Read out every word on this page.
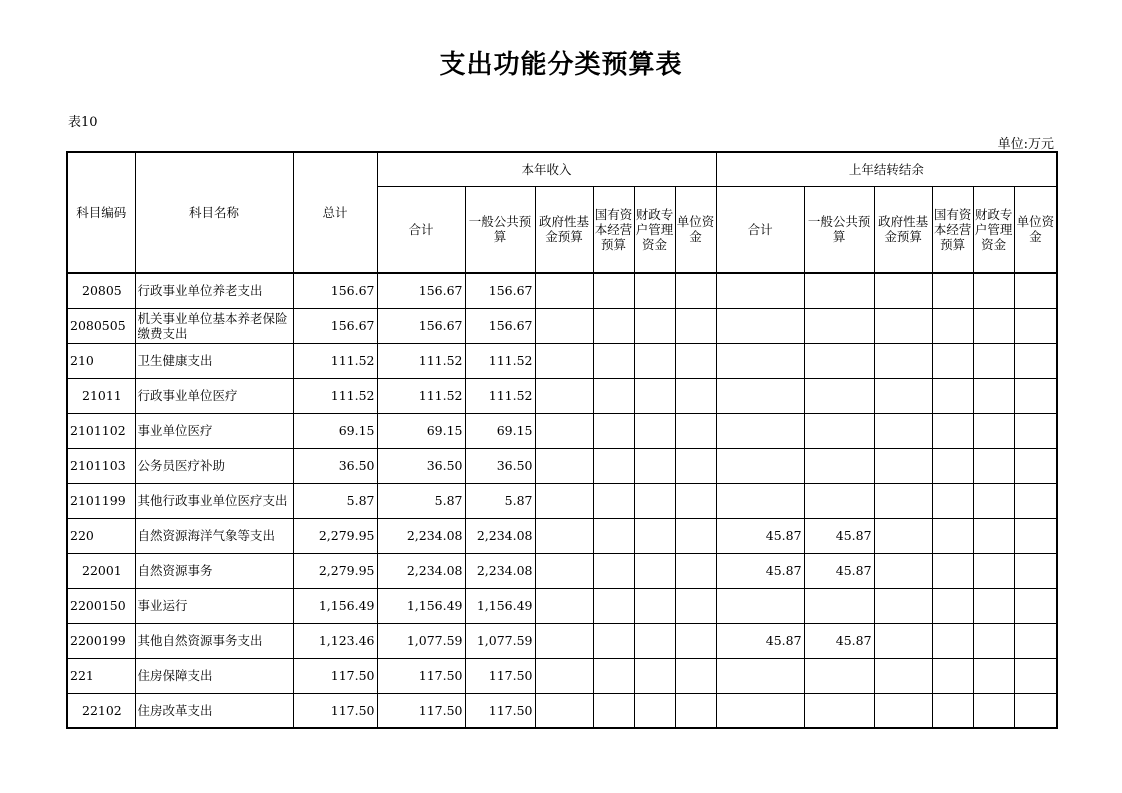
支出功能分类预算表
表10
单位:万元
科目编码	科目名称	总计	本年收入						上年结转结余					
			合计	一般公共预算	政府性基金预算	国有资本经营预算	财政专户管理资金	单位资金	合计	一般公共预算	政府性基金预算	国有资本经营预算	财政专户管理资金	单位资金
20805	行政事业单位养老支出	156.67	156.67	156.67										
2080505	机关事业单位基本养老保险缴费支出	156.67	156.67	156.67										
210	卫生健康支出	111.52	111.52	111.52										
21011	行政事业单位医疗	111.52	111.52	111.52										
2101102	事业单位医疗	69.15	69.15	69.15										
2101103	公务员医疗补助	36.50	36.50	36.50										
2101199	其他行政事业单位医疗支出	5.87	5.87	5.87										
220	自然资源海洋气象等支出	2,279.95	2,234.08	2,234.08					45.87	45.87				
22001	自然资源事务	2,279.95	2,234.08	2,234.08					45.87	45.87				
2200150	事业运行	1,156.49	1,156.49	1,156.49										
2200199	其他自然资源事务支出	1,123.46	1,077.59	1,077.59					45.87	45.87				
221	住房保障支出	117.50	117.50	117.50										
22102	住房改革支出	117.50	117.50	117.50										
